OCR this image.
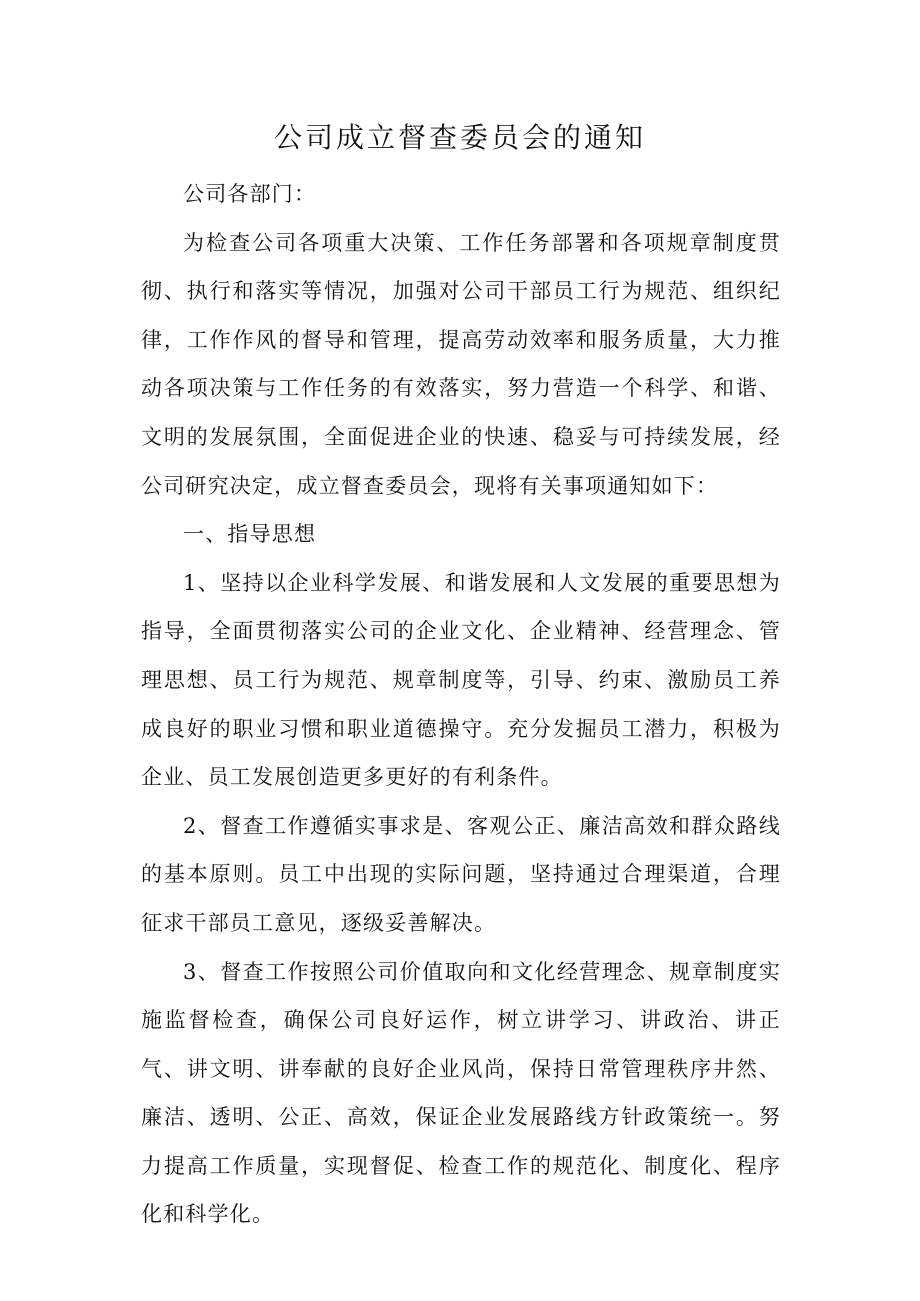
公司成立督查委员会的通知

公司各部门：

为检查公司各项重大决策、工作任务部署和各项规章制度贯彻、执行和落实等情况，加强对公司干部员工行为规范、组织纪律，工作作风的督导和管理，提高劳动效率和服务质量，大力推动各项决策与工作任务的有效落实，努力营造一个科学、和谐、文明的发展氛围，全面促进企业的快速、稳妥与可持续发展，经公司研究决定，成立督查委员会，现将有关事项通知如下：

一、指导思想

1、坚持以企业科学发展、和谐发展和人文发展的重要思想为指导，全面贯彻落实公司的企业文化、企业精神、经营理念、管理思想、员工行为规范、规章制度等，引导、约束、激励员工养成良好的职业习惯和职业道德操守。充分发掘员工潜力，积极为企业、员工发展创造更多更好的有利条件。

2、督查工作遵循实事求是、客观公正、廉洁高效和群众路线的基本原则。员工中出现的实际问题，坚持通过合理渠道，合理征求干部员工意见，逐级妥善解决。

3、督查工作按照公司价值取向和文化经营理念、规章制度实施监督检查，确保公司良好运作，树立讲学习、讲政治、讲正气、讲文明、讲奉献的良好企业风尚，保持日常管理秩序井然、廉洁、透明、公正、高效，保证企业发展路线方针政策统一。努力提高工作质量，实现督促、检查工作的规范化、制度化、程序化和科学化。
